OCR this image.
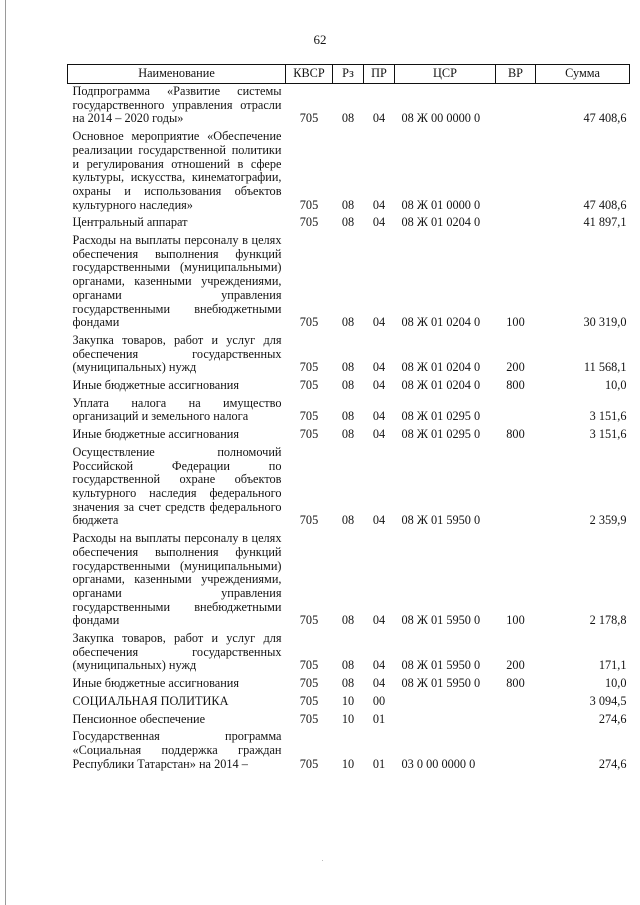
62
Наименование	КВСР	Рз	ПР	ЦСР	ВР	Сумма
Подпрограмма «Развитие системы государственного управления отрасли на 2014 – 2020 годы»	705	08	04	08 Ж 00 0000 0		47 408,6
Основное мероприятие «Обеспечение реализации государственной политики и регулирования отношений в сфере культуры, искусства, кинематографии, охраны и использования объектов культурного наследия»	705	08	04	08 Ж 01 0000 0		47 408,6
Центральный аппарат	705	08	04	08 Ж 01 0204 0		41 897,1
Расходы на выплаты персоналу в целях обеспечения выполнения функций государственными (муниципальными) органами, казенными учреждениями, органами управления государственными внебюджетными фондами	705	08	04	08 Ж 01 0204 0	100	30 319,0
Закупка товаров, работ и услуг для обеспечения государственных (муниципальных) нужд	705	08	04	08 Ж 01 0204 0	200	11 568,1
Иные бюджетные ассигнования	705	08	04	08 Ж 01 0204 0	800	10,0
Уплата налога на имущество организаций и земельного налога	705	08	04	08 Ж 01 0295 0		3 151,6
Иные бюджетные ассигнования	705	08	04	08 Ж 01 0295 0	800	3 151,6
Осуществление полномочий Российской Федерации по государственной охране объектов культурного наследия федерального значения за счет средств федерального бюджета	705	08	04	08 Ж 01 5950 0		2 359,9
Расходы на выплаты персоналу в целях обеспечения выполнения функций государственными (муниципальными) органами, казенными учреждениями, органами управления государственными внебюджетными фондами	705	08	04	08 Ж 01 5950 0	100	2 178,8
Закупка товаров, работ и услуг для обеспечения государственных (муниципальных) нужд	705	08	04	08 Ж 01 5950 0	200	171,1
Иные бюджетные ассигнования	705	08	04	08 Ж 01 5950 0	800	10,0
СОЦИАЛЬНАЯ ПОЛИТИКА	705	10	00			3 094,5
Пенсионное обеспечение	705	10	01			274,6
Государственная программа «Социальная поддержка граждан Республики Татарстан» на 2014 –	705	10	01	03 0 00 0000 0		274,6
